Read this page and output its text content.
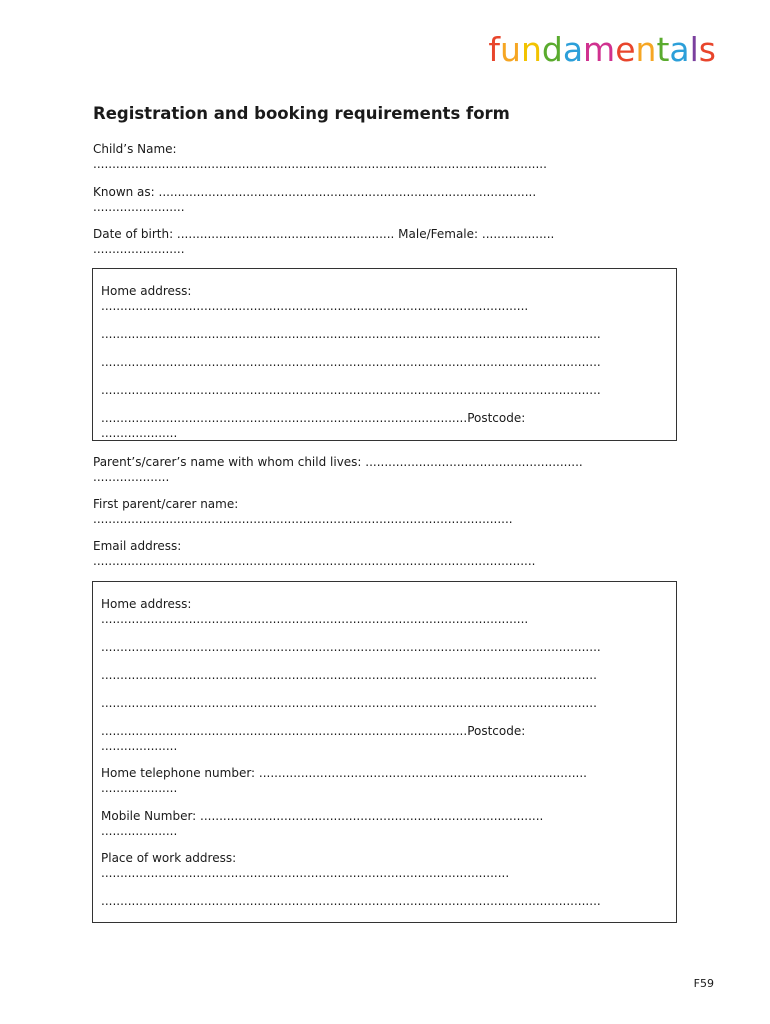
fundamentals
Registration and booking requirements form
Child’s Name:
.......................................................................................................................
Known as: ...................................................................................................
........................
Date of birth: ......................................................... Male/Female: ...................
........................
Home address:
................................................................................................................
...................................................................................................................................
...................................................................................................................................
...................................................................................................................................
................................................................................................Postcode:
....................
Parent’s/carer’s name with whom child lives: .........................................................
....................
First parent/carer name:
..............................................................................................................
Email address:
....................................................................................................................
Home address:
................................................................................................................
...................................................................................................................................
..................................................................................................................................
..................................................................................................................................
................................................................................................Postcode:
....................
Home telephone number: ......................................................................................
....................
Mobile Number: ..........................................................................................
....................
Place of work address:
...........................................................................................................
...................................................................................................................................
F59
